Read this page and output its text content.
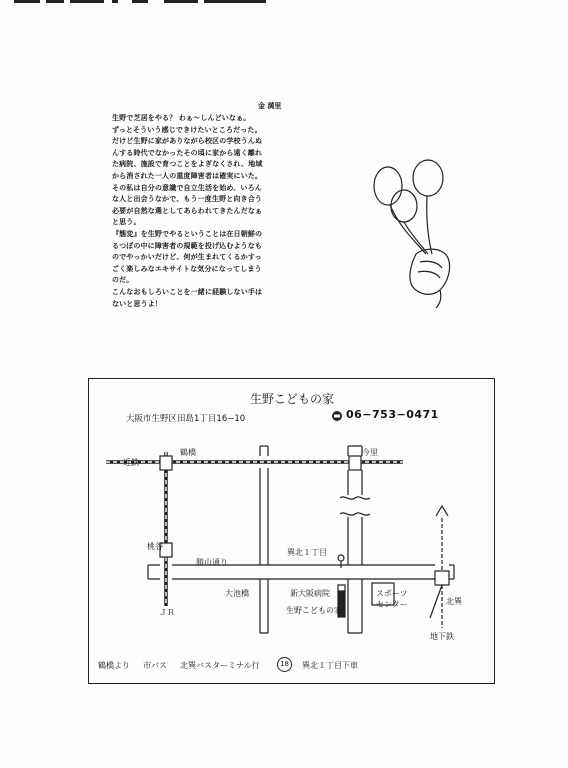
金 満里
生野で芝居をやる？ わぁ〜しんどいなぁ。
ずっとそういう感じできけたいところだった。
だけど生野に家がありながら校区の学校うんぬ
んする時代でなかったその頃に家から遠く離れ
た病院、施設で育つことをよぎなくされ、地域
から消された一人の重度障害者は確実にいた。
その私は自分の意識で自立生活を始め、いろん
な人と出会うなかで、もう一度生野と向き合う
必要が自然な選としてあらわれてきたんだなぁ
と思う。
『態変』を生野でやるということは在日朝鮮の
るつぼの中に障害者の規範を投げ込むようなも
のでやっかいだけど、何が生まれてくるかすっ
ごく楽しみなエキサイトな気分になってしまう
のだ。
こんなおもしろいことを一緒に経験しない手は
ないと思うよ！
生野こどもの家
大阪市生野区田島1丁目16−10	06−753−0471
近鉄
鶴橋	今里
桃谷
勝山通り
巽北１丁目
大池橋	新大阪病院
生野こどもの家
スポーツ
センター	北巽
地下鉄
ＪＲ
鶴橋より 市バス 北巽バスターミナル行	18	巽北１丁目下車
